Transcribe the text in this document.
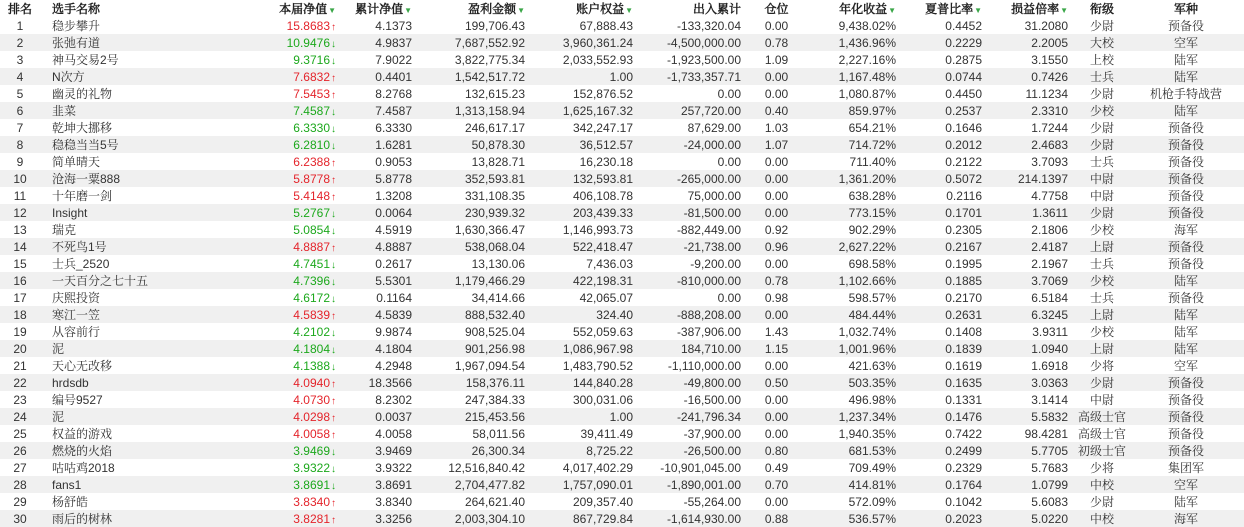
排名	选手名称	本届净值▼	累计净值▼	盈利金额▼	账户权益▼	出入累计	仓位	年化收益▼	夏普比率▼	损益倍率▼	衔级	军种
1	稳步攀升	15.8683↑	4.1373	199,706.43	67,888.43	-133,320.04	0.00	9,438.02%	0.4452	31.2080	少尉	预备役
2	张弛有道	10.9476↓	4.9837	7,687,552.92	3,960,361.24	-4,500,000.00	0.78	1,436.96%	0.2229	2.2005	大校	空军
3	神马交易2号	9.3716↓	7.9022	3,822,775.34	2,033,552.93	-1,923,500.00	1.09	2,227.16%	0.2875	3.1550	上校	陆军
4	N次方	7.6832↑	0.4401	1,542,517.72	1.00	-1,733,357.71	0.00	1,167.48%	0.0744	0.7426	士兵	陆军
5	幽灵的礼物	7.5453↑	8.2768	132,615.23	152,876.52	0.00	0.00	1,080.87%	0.4450	11.1234	少尉	机枪手特战营
6	韭菜	7.4587↓	7.4587	1,313,158.94	1,625,167.32	257,720.00	0.40	859.97%	0.2537	2.3310	少校	陆军
7	乾坤大挪移	6.3330↓	6.3330	246,617.17	342,247.17	87,629.00	1.03	654.21%	0.1646	1.7244	少尉	预备役
8	稳稳当当5号	6.2810↓	1.6281	50,878.30	36,512.57	-24,000.00	1.07	714.72%	0.2012	2.4683	少尉	预备役
9	简单晴天	6.2388↑	0.9053	13,828.71	16,230.18	0.00	0.00	711.40%	0.2122	3.7093	士兵	预备役
10	沧海一粟888	5.8778↑	5.8778	352,593.81	132,593.81	-265,000.00	0.00	1,361.20%	0.5072	214.1397	中尉	预备役
11	十年磨一剑	5.4148↑	1.3208	331,108.35	406,108.78	75,000.00	0.00	638.28%	0.2116	4.7758	中尉	预备役
12	Insight	5.2767↓	0.0064	230,939.32	203,439.33	-81,500.00	0.00	773.15%	0.1701	1.3611	少尉	预备役
13	瑞克	5.0854↓	4.5919	1,630,366.47	1,146,993.73	-882,449.00	0.92	902.29%	0.2305	2.1806	少校	海军
14	不死鸟1号	4.8887↑	4.8887	538,068.04	522,418.47	-21,738.00	0.96	2,627.22%	0.2167	2.4187	上尉	预备役
15	士兵_2520	4.7451↓	0.2617	13,130.06	7,436.03	-9,200.00	0.00	698.58%	0.1995	2.1967	士兵	预备役
16	一天百分之七十五	4.7396↓	5.5301	1,179,466.29	422,198.31	-810,000.00	0.78	1,102.66%	0.1885	3.7069	少校	陆军
17	庆熙投资	4.6172↓	0.1164	34,414.66	42,065.07	0.00	0.98	598.57%	0.2170	6.5184	士兵	预备役
18	寒江一笠	4.5839↑	4.5839	888,532.40	324.40	-888,208.00	0.00	484.44%	0.2631	6.3245	上尉	陆军
19	从容前行	4.2102↓	9.9874	908,525.04	552,059.63	-387,906.00	1.43	1,032.74%	0.1408	3.9311	少校	陆军
20	泥	4.1804↓	4.1804	901,256.98	1,086,967.98	184,710.00	1.15	1,001.96%	0.1839	1.0940	上尉	陆军
21	天心无改移	4.1388↓	4.2948	1,967,094.54	1,483,790.52	-1,110,000.00	0.00	421.63%	0.1619	1.6918	少将	空军
22	hrdsdb	4.0940↑	18.3566	158,376.11	144,840.28	-49,800.00	0.50	503.35%	0.1635	3.0363	少尉	预备役
23	编号9527	4.0730↑	8.2302	247,384.33	300,031.06	-16,500.00	0.00	496.98%	0.1331	3.1414	中尉	预备役
24	泥	4.0298↑	0.0037	215,453.56	1.00	-241,796.34	0.00	1,237.34%	0.1476	5.5832	高级士官	预备役
25	权益的游戏	4.0058↑	4.0058	58,011.56	39,411.49	-37,900.00	0.00	1,940.35%	0.7422	98.4281	高级士官	预备役
26	燃烧的火焰	3.9469↓	3.9469	26,300.34	8,725.22	-26,500.00	0.80	681.53%	0.2499	5.7705	初级士官	预备役
27	咕咕鸡2018	3.9322↓	3.9322	12,516,840.42	4,017,402.29	-10,901,045.00	0.49	709.49%	0.2329	5.7683	少将	集团军
28	fans1	3.8691↓	3.8691	2,704,477.82	1,757,090.01	-1,890,001.00	0.70	414.81%	0.1764	1.0799	中校	空军
29	杨舒皓	3.8340↑	3.8340	264,621.40	209,357.40	-55,264.00	0.00	572.09%	0.1042	5.6083	少尉	陆军
30	雨后的树林	3.8281↑	3.3256	2,003,304.10	867,729.84	-1,614,930.00	0.88	536.57%	0.2023	5.0220	中校	海军
